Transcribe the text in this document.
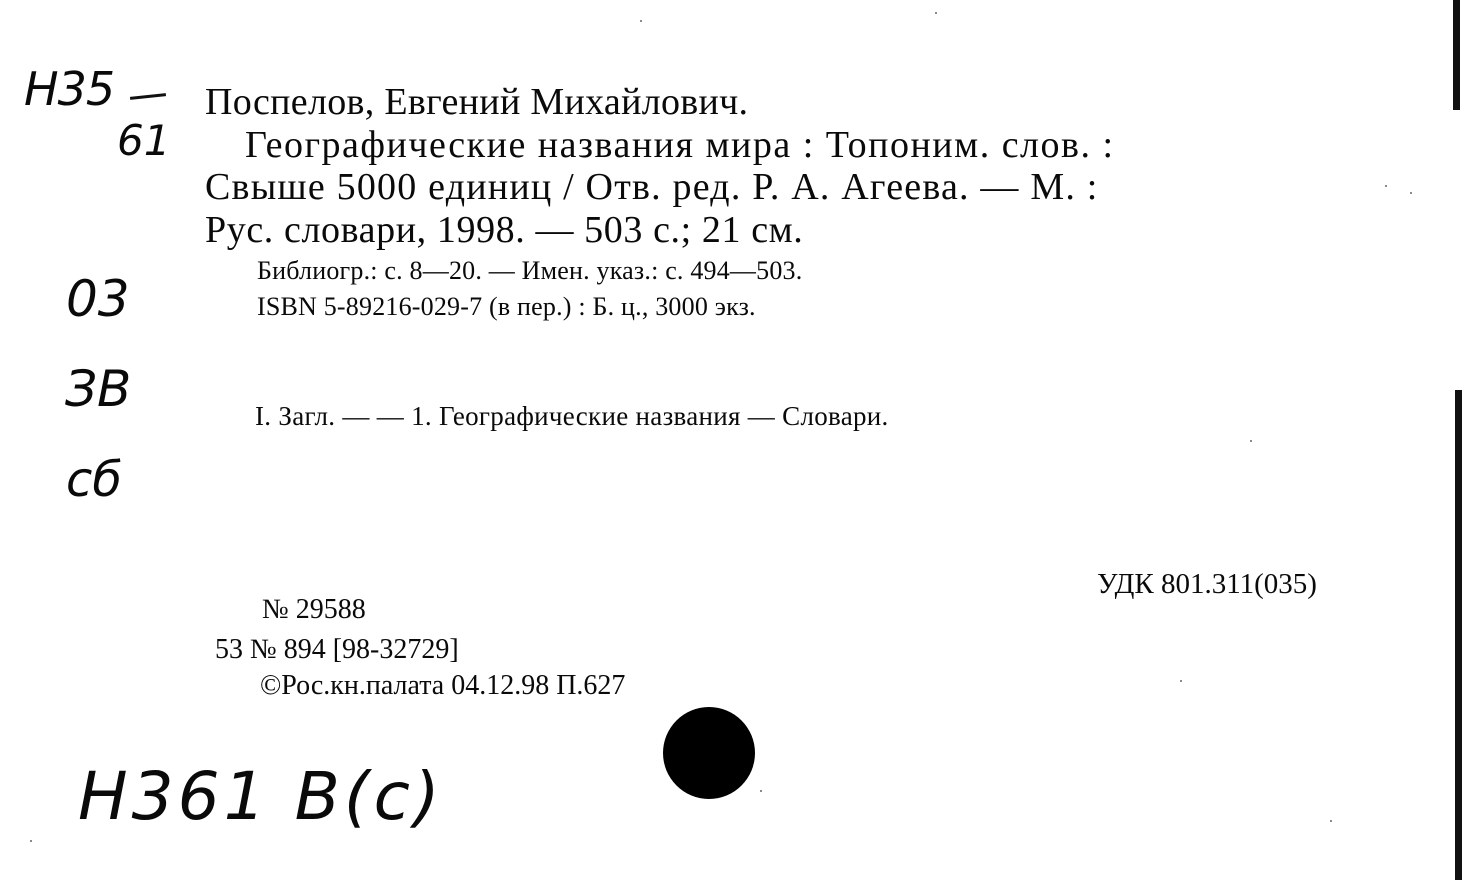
Н35
61
03
ЗВ
сб
Н361 В(с)
Поспелов, Евгений Михайлович.
Географические названия мира : Топоним. слов. :
Свыше 5000 единиц / Отв. ред. Р. А. Агеева. — М. :
Рус. словари, 1998. — 503 с.; 21 см.
Библиогр.: с. 8—20. — Имен. указ.: с. 494—503.
ISBN 5-89216-029-7 (в пер.) : Б. ц., 3000 экз.
I. Загл. — — 1. Географические названия — Словари.
УДК 801.311(035)
№ 29588
53 № 894 [98-32729]
©Рос.кн.палата 04.12.98 П.627
